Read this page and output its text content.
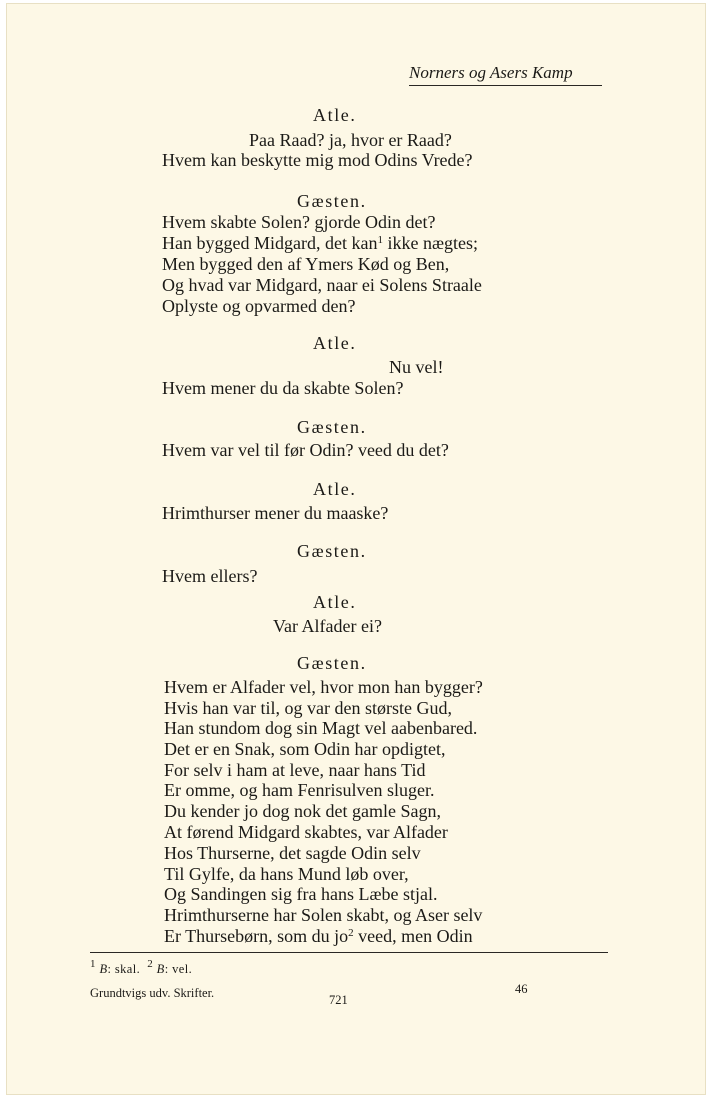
Norners og Asers Kamp
Atle.
Paa Raad? ja, hvor er Raad?
Hvem kan beskytte mig mod Odins Vrede?
Gæsten.
Hvem skabte Solen? gjorde Odin det?
Han bygged Midgard, det kan$^1$ ikke nægtes;
Men bygged den af Ymers Kød og Ben,
Og hvad var Midgard, naar ei Solens Straale
Oplyste og opvarmed den?
Atle.
Nu vel!
Hvem mener du da skabte Solen?
Gæsten.
Hvem var vel til før Odin? veed du det?
Atle.
Hrimthurser mener du maaske?
Gæsten.
Hvem ellers?
Atle.
Var Alfader ei?
Gæsten.
Hvem er Alfader vel, hvor mon han bygger?
Hvis han var til, og var den største Gud,
Han stundom dog sin Magt vel aabenbared.
Det er en Snak, som Odin har opdigtet,
For selv i ham at leve, naar hans Tid
Er omme, og ham Fenrisulven sluger.
Du kender jo dog nok det gamle Sagn,
At førend Midgard skabtes, var Alfader
Hos Thurserne, det sagde Odin selv
Til Gylfe, da hans Mund løb over,
Og Sandingen sig fra hans Læbe stjal.
Hrimthurserne har Solen skabt, og Aser selv
Er Thursebørn, som du $jo^2$ veed, men Odin
$^1$ B: skal. $^2$ B: vel.
Grundtvigs udv. Skrifter.	721
46
